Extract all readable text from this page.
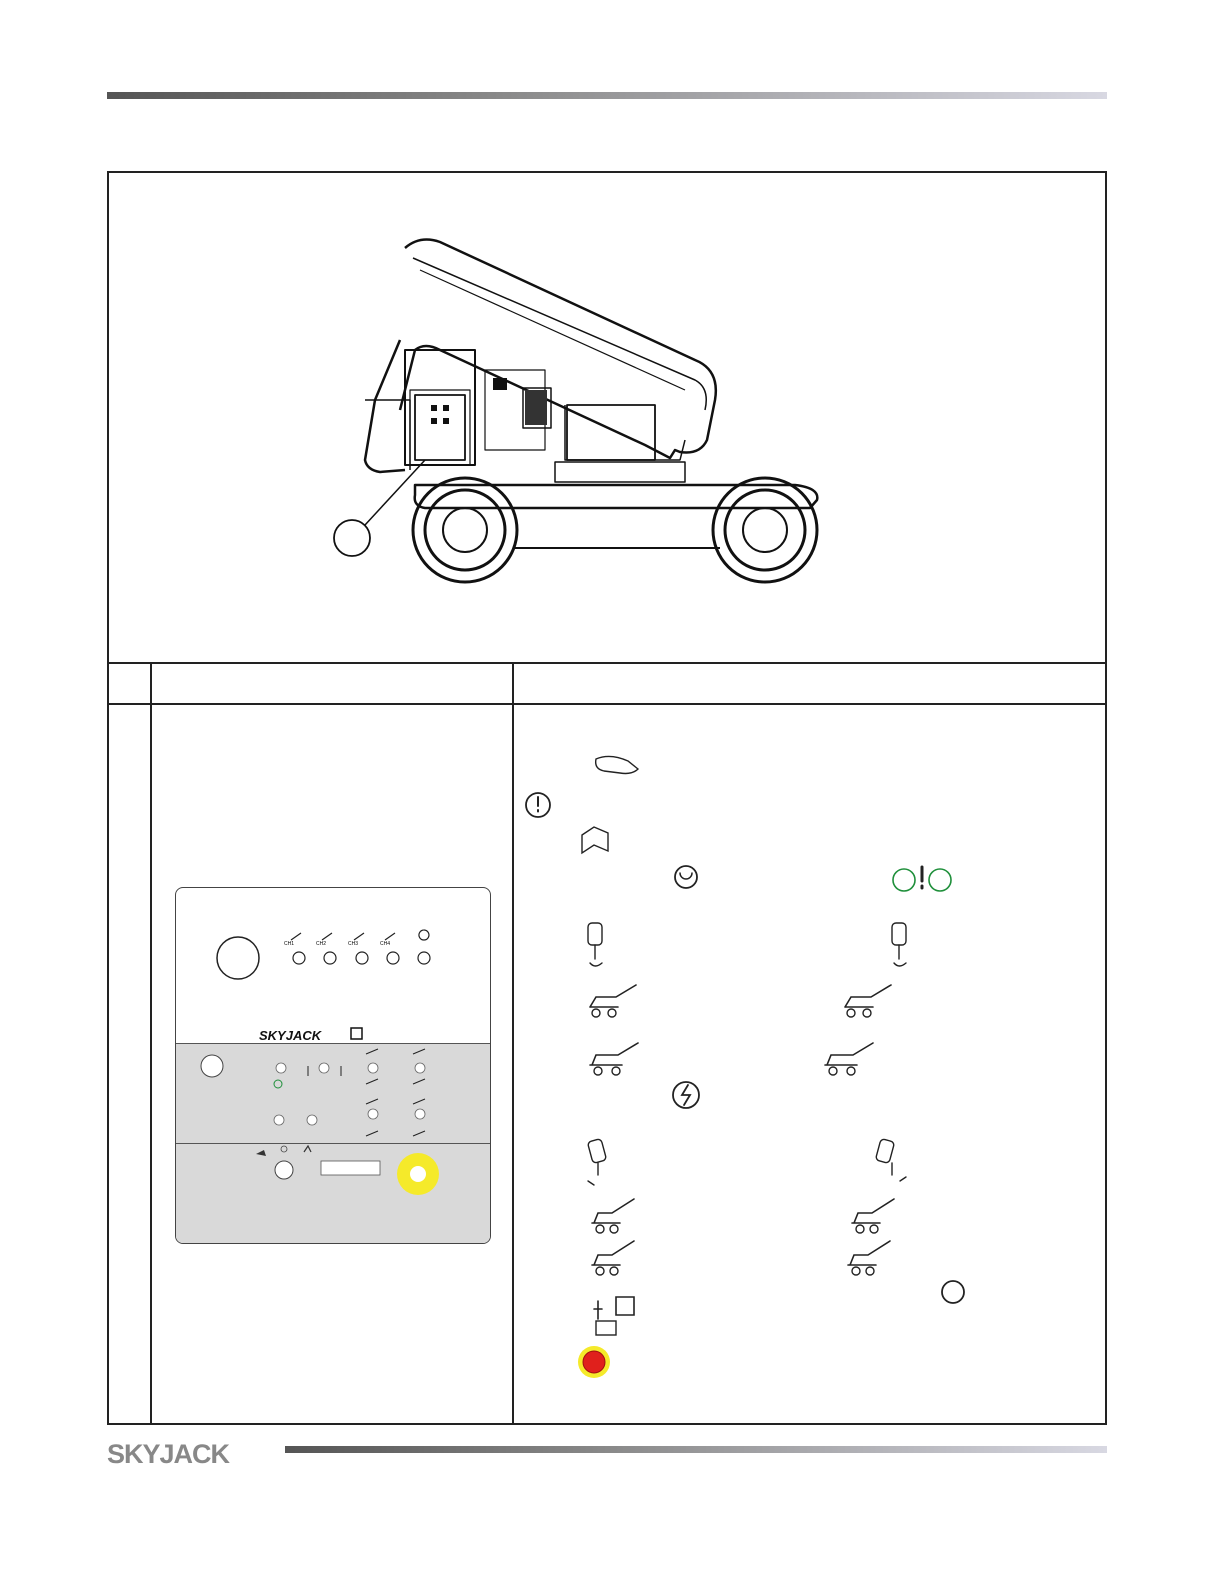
CH1	CH2	CH3	CH4
SKYJACK
SKYJACK
